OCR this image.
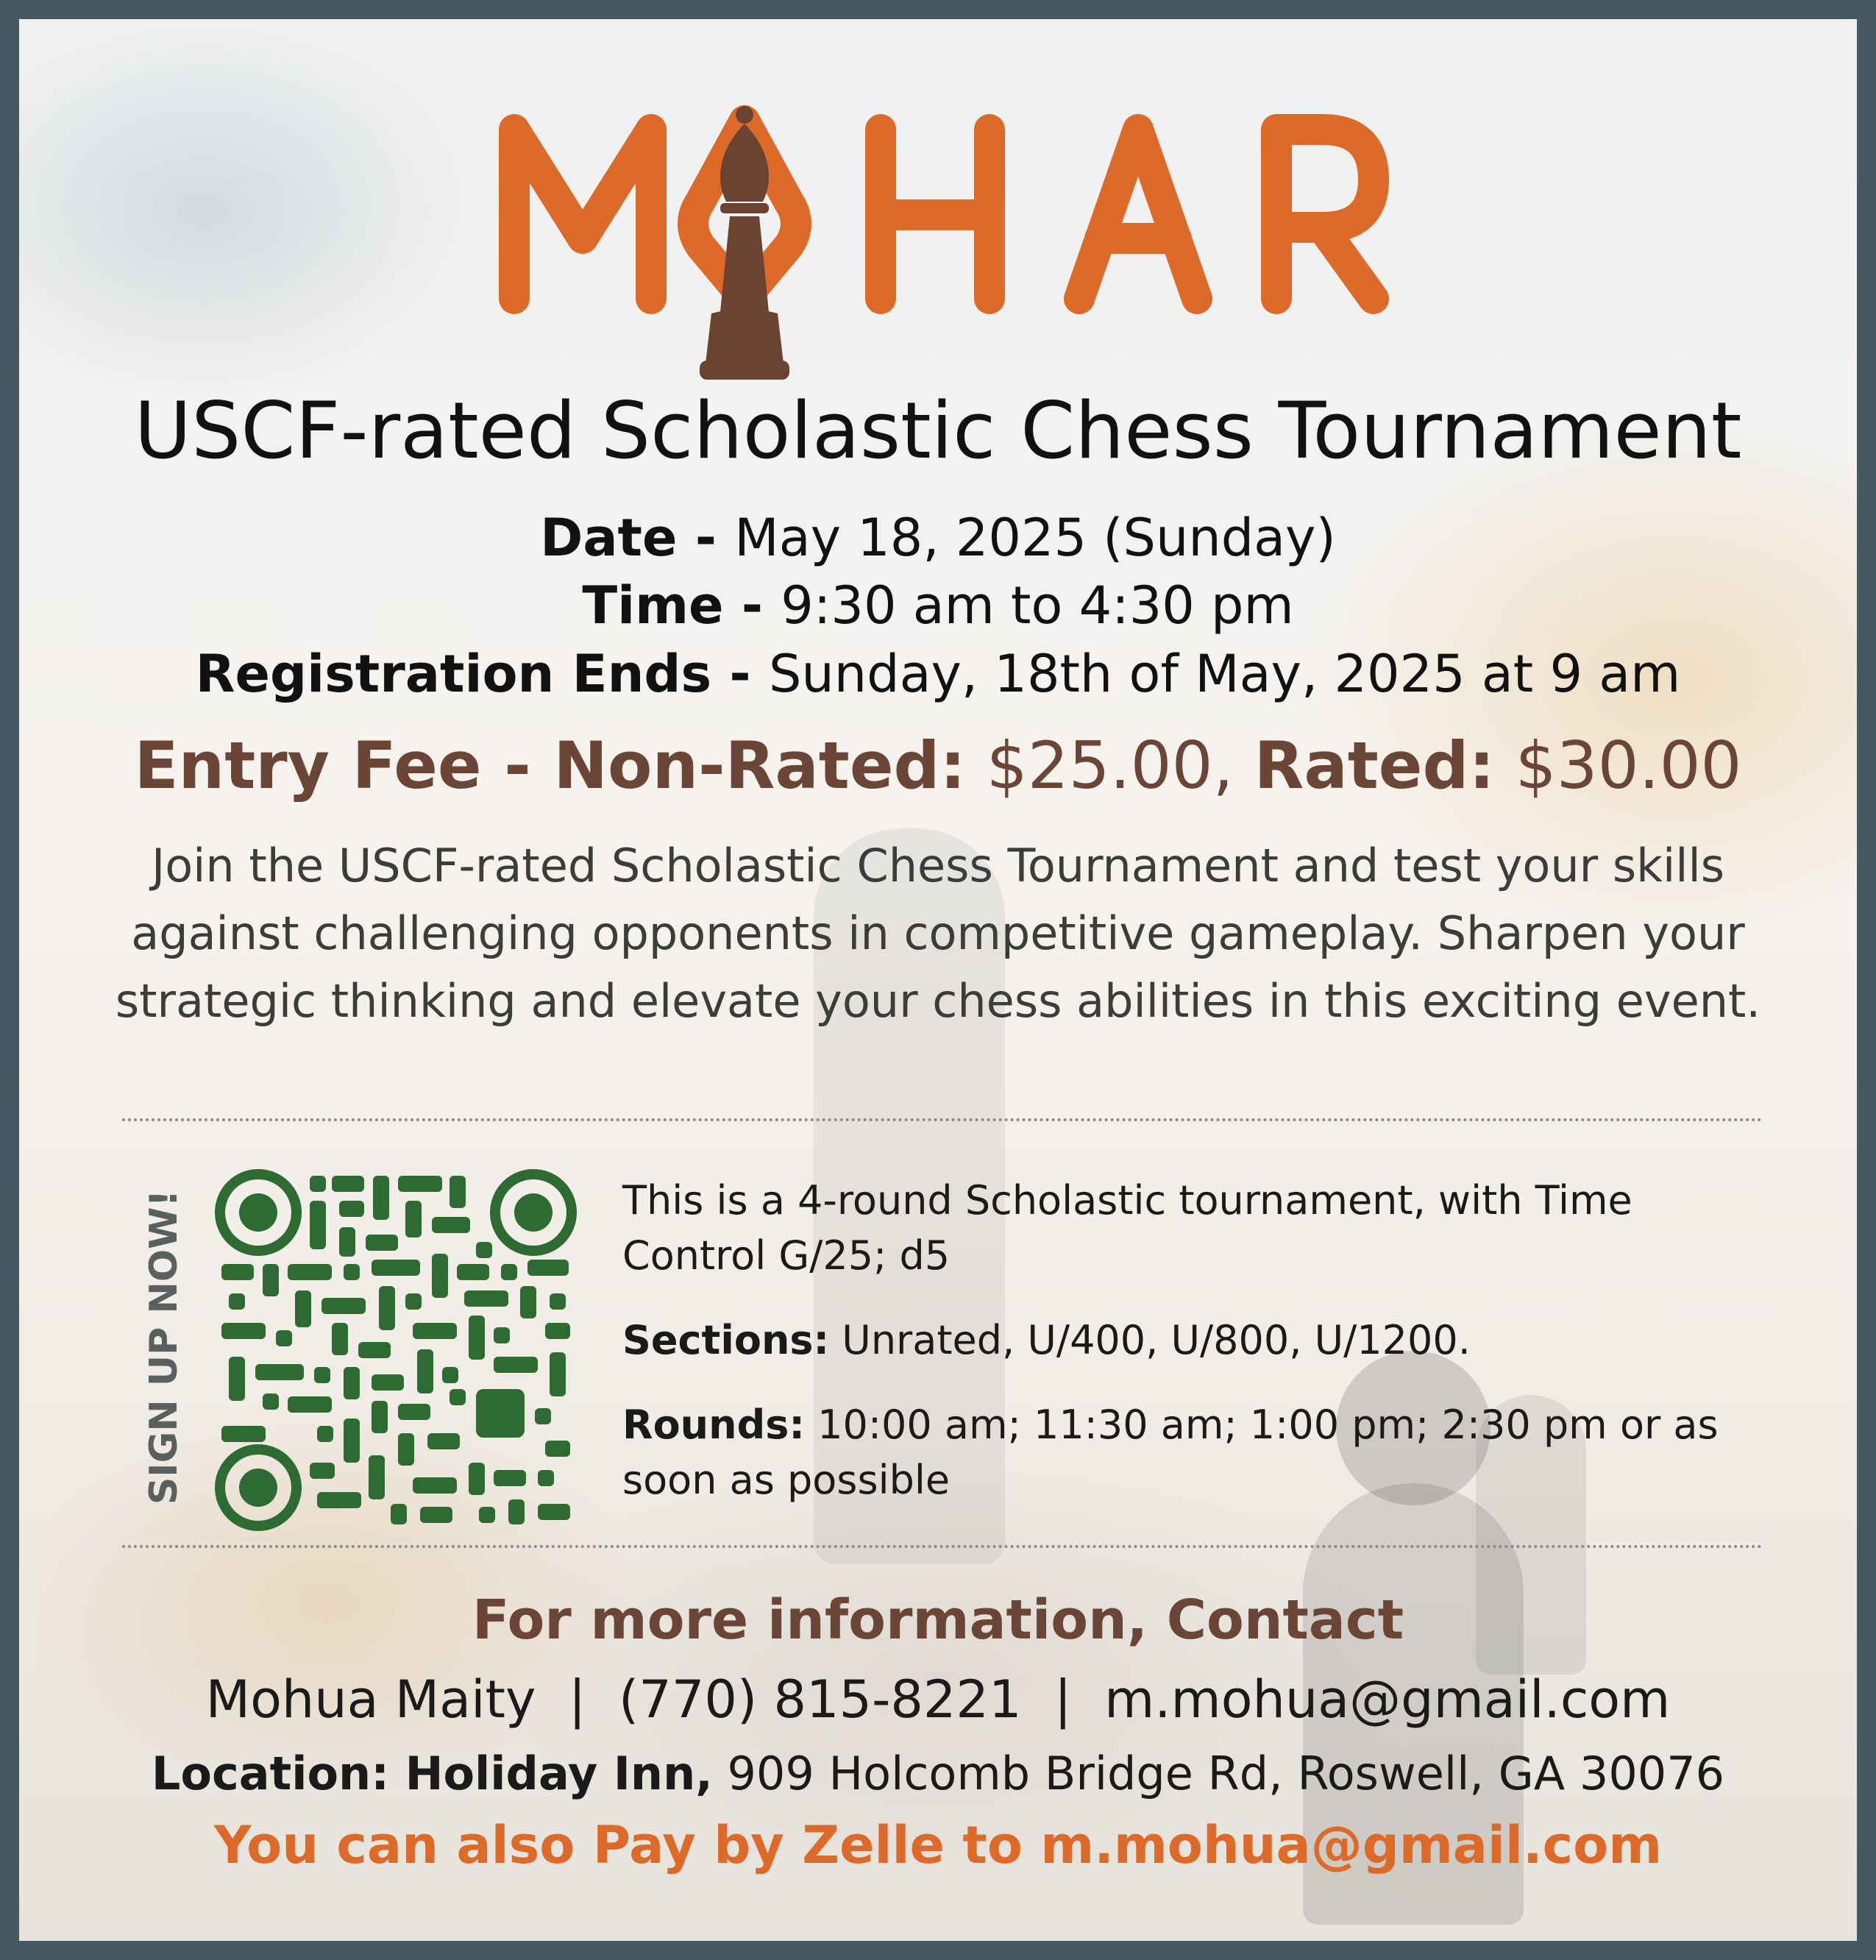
USCF-rated Scholastic Chess Tournament
Date - May 18, 2025 (Sunday)
Time - 9:30 am to 4:30 pm
Registration Ends - Sunday, 18th of May, 2025 at 9 am
Entry Fee - Non-Rated: $25.00, Rated: $30.00
Join the USCF-rated Scholastic Chess Tournament and test your skills against challenging opponents in competitive gameplay. Sharpen your strategic thinking and elevate your chess abilities in this exciting event.
SIGN UP NOW!	This is a 4-round Scholastic tournament, with Time Control G/25; d5

Sections: Unrated, U/400, U/800, U/1200.

Rounds: 10:00 am; 11:30 am; 1:00 pm; 2:30 pm or as soon as possible

For more information, Contact
Mohua Maity  |  (770) 815-8221  |  m.mohua@gmail.com
Location: Holiday Inn, 909 Holcomb Bridge Rd, Roswell, GA 30076
You can also Pay by Zelle to m.mohua@gmail.com
